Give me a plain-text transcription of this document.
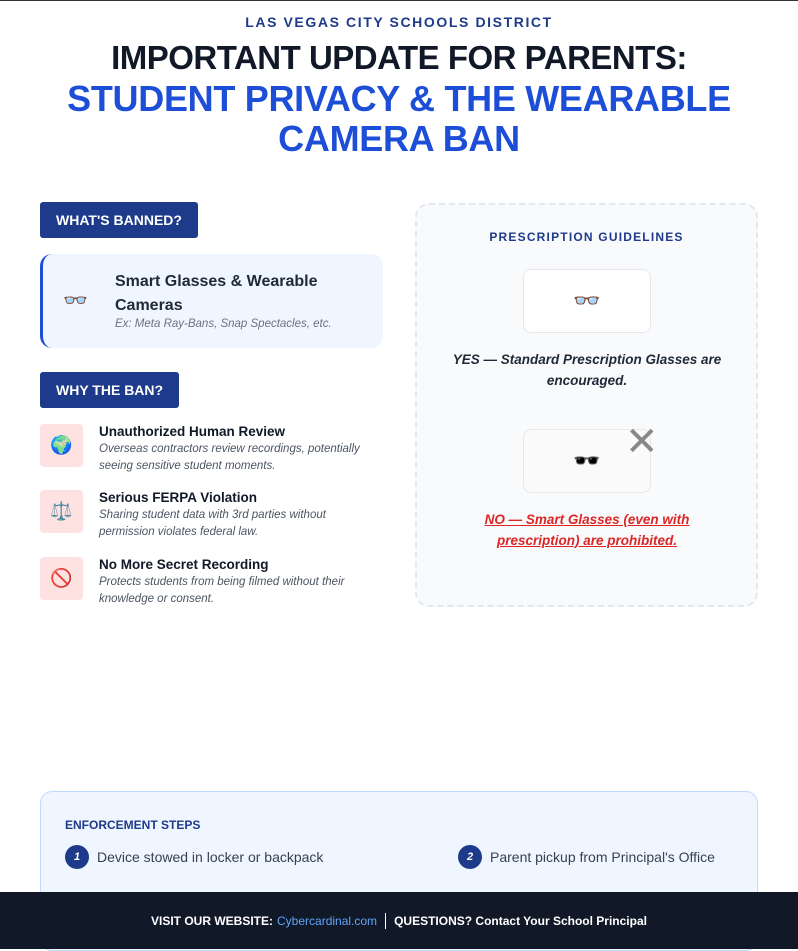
LAS VEGAS CITY SCHOOLS DISTRICT
IMPORTANT UPDATE FOR PARENTS:
STUDENT PRIVACY & THE WEARABLE CAMERA BAN
WHAT'S BANNED?
👓
Smart Glasses & Wearable Cameras
Ex: Meta Ray-Bans, Snap Spectacles, etc.
WHY THE BAN?
🌍
Unauthorized Human Review
Overseas contractors review recordings, potentially seeing sensitive student moments.
⚖️
Serious FERPA Violation
Sharing student data with 3rd parties without permission violates federal law.
🚫
No More Secret Recording
Protects students from being filmed without their knowledge or consent.
PRESCRIPTION GUIDELINES
👓
YES — Standard Prescription Glasses are encouraged.
🕶️ ✕
NO — Smart Glasses (even with prescription) are prohibited.
ENFORCEMENT STEPS
1	Device stowed in locker or backpack	2	Parent pickup from Principal's Office
VISIT OUR WEBSITE: Cybercardinal.com QUESTIONS? Contact Your School Principal
